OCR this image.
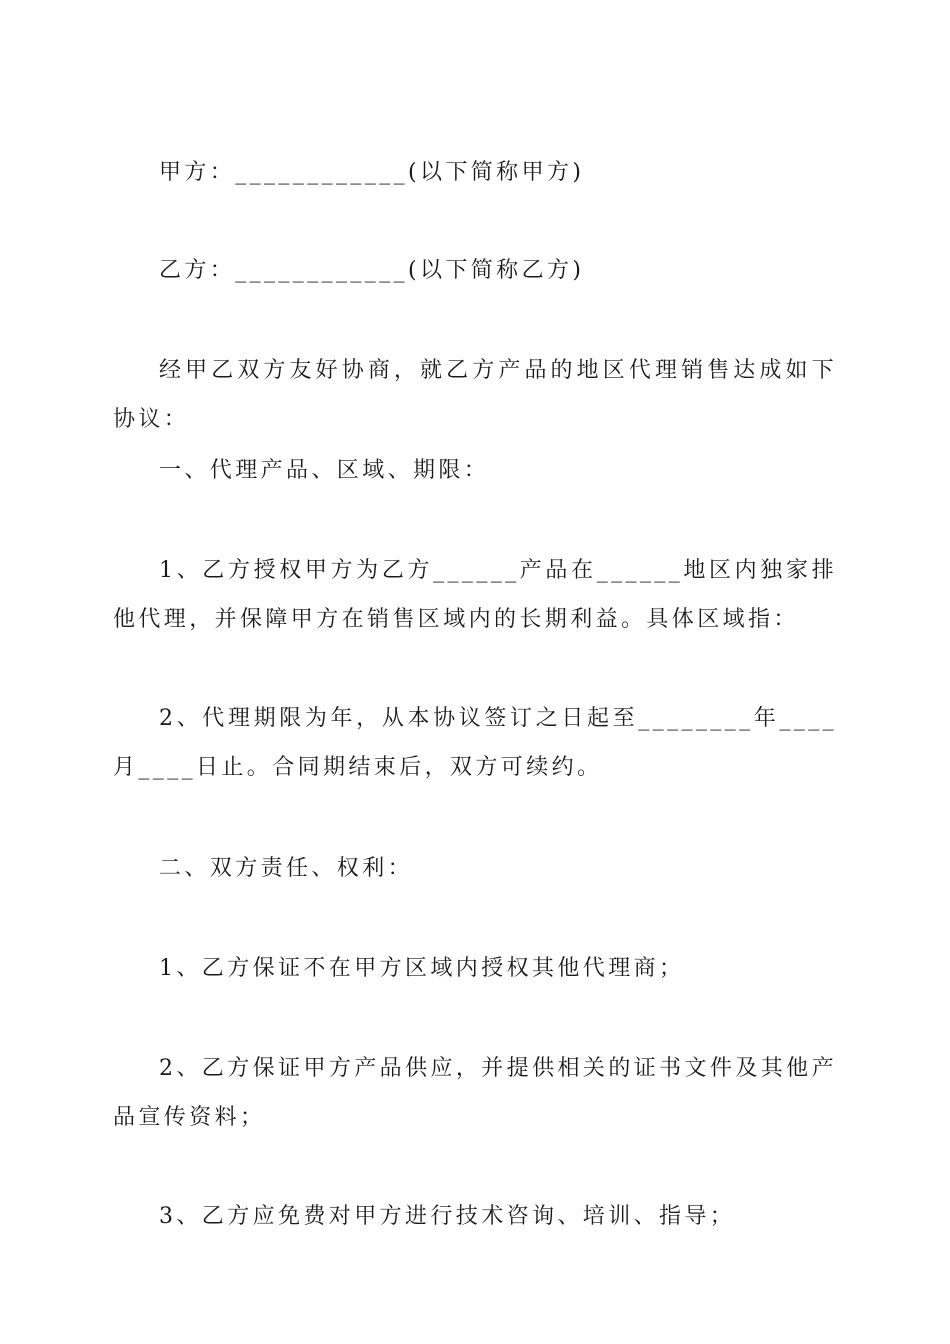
甲方：____________(以下简称甲方)

乙方：____________(以下简称乙方)

经甲乙双方友好协商，就乙方产品的地区代理销售达成如下协议：

一、代理产品、区域、期限：

1、乙方授权甲方为乙方______产品在______地区内独家排他代理，并保障甲方在销售区域内的长期利益。具体区域指：

2、代理期限为年，从本协议签订之日起至________年____月____日止。合同期结束后，双方可续约。

二、双方责任、权利：

1、乙方保证不在甲方区域内授权其他代理商；

2、乙方保证甲方产品供应，并提供相关的证书文件及其他产品宣传资料；

3、乙方应免费对甲方进行技术咨询、培训、指导；
